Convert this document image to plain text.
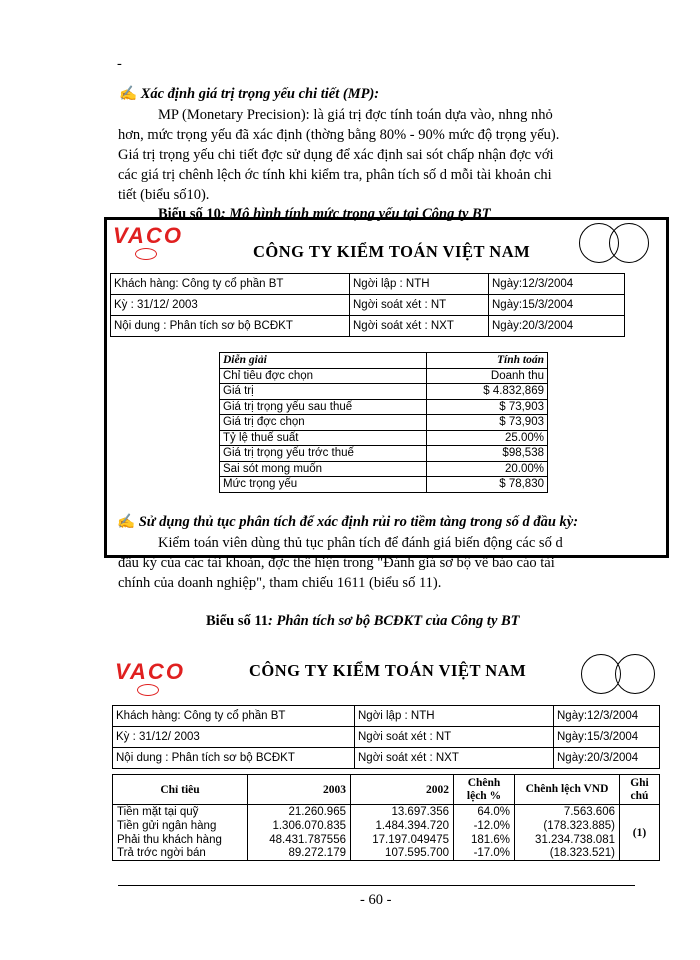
-
✍ Xác định giá trị trọng yếu chi tiết (MP):
MP (Monetary Precision): là giá trị đợc tính toán dựa vào, nhng nhỏ
hơn, mức trọng yếu đã xác định (thờng bằng 80% - 90% mức độ trọng yếu).
Giá trị trọng yếu chi tiết đợc sử dụng để xác định sai sót chấp nhận đợc với
các giá trị chênh lệch ớc tính khi kiểm tra, phân tích số d mỗi tài khoản chi
tiết (biểu số10).
Biểu số 10: Mô hình tính mức trọng yếu tại Công ty BT
VACO
CÔNG TY KIỂM TOÁN VIỆT NAM
Khách hàng: Công ty cổ phần BT	Ngời lập : NTH	Ngày:12/3/2004
Kỳ : 31/12/ 2003	Ngời soát xét : NT	Ngày:15/3/2004
Nội dung : Phân tích sơ bộ BCĐKT	Ngời soát xét : NXT	Ngày:20/3/2004
Diễn giải	Tính toán
Chỉ tiêu đợc chọn	Doanh thu
Giá trị	$ 4.832,869
Giá trị trọng yếu sau thuế	$ 73,903
Giá trị đợc chọn	$ 73,903
Tỷ lệ thuế suất	25.00%
Giá trị trọng yếu trớc thuế	$98,538
Sai sót mong muốn	20.00%
Mức trọng yếu	$ 78,830
✍ Sử dụng thủ tục phân tích để xác định rủi ro tiềm tàng trong số d đầu kỳ:
Kiểm toán viên dùng thủ tục phân tích để đánh giá biến động các số d
đầu kỳ của các tài khoản, đợc thể hiện trong "Đánh giá sơ bộ về báo cáo tài
chính của doanh nghiệp", tham chiếu 1611 (biểu số 11).
Biểu số 11: Phân tích sơ bộ BCĐKT của Công ty BT
VACO	CÔNG TY KIỂM TOÁN VIỆT NAM
Khách hàng: Công ty cổ phần BT	Ngời lập : NTH	Ngày:12/3/2004
Kỳ : 31/12/ 2003	Ngời soát xét : NT	Ngày:15/3/2004
Nội dung : Phân tích sơ bộ BCĐKT	Ngời soát xét : NXT	Ngày:20/3/2004
Chỉ tiêu	2003	2002	Chênh lệch %	Chênh lệch VND	Ghi chú
Tiền mặt tại quỹ	21.260.965	13.697.356	64.0%	7.563.606	(1)
Tiền gửi ngân hàng	1.306.070.835	1.484.394.720	-12.0%	(178.323.885)	
Phải thu khách hàng	48.431.787556	17.197.049475	181.6%	31.234.738.081	
Trả trớc ngời bán	89.272.179	107.595.700	-17.0%	(18.323.521)	
- 60 -
